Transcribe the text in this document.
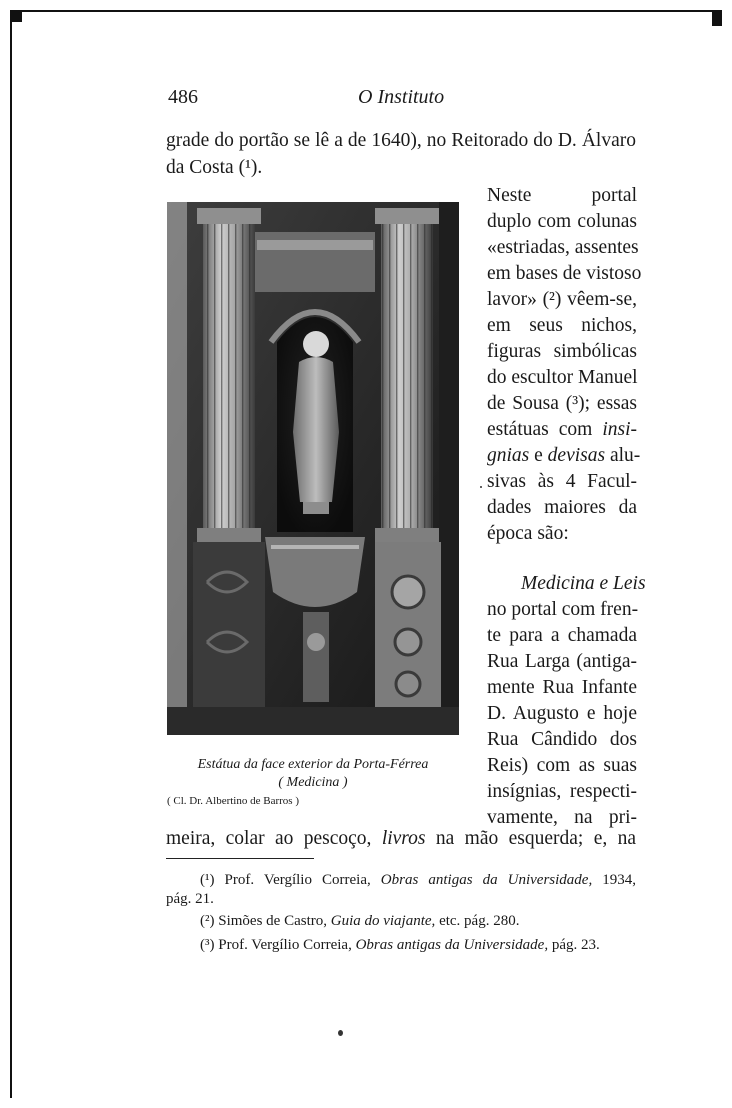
486	O Instituto
grade do portão se lê a de 1640), no Reitorado do D. Álvaro
da Costa (¹).
Neste portal
duplo com colunas
«estriadas, assentes
em bases de vistoso
lavor» (²) vêem-se,
em seus nichos,
figuras simbólicas
do escultor Manuel
de Sousa (³); essas
estátuas com insi-
gnias e devisas alu-
sivas às 4 Facul-
dades maiores da
época são:
Medicina e Leis
no portal com fren-
te para a chamada
Rua Larga (antiga-
mente Rua Infante
D. Augusto e hoje
Rua Cândido dos
Reis) com as suas
insígnias, respecti-
vamente, na pri-
meira, colar ao pescoço, livros na mão esquerda; e, na
Estátua da face exterior da Porta-Férrea
( Medicina )
( Cl. Dr. Albertino de Barros )
(¹) Prof. Vergílio Correia, Obras antigas da Universidade, 1934,
pág. 21.
(²) Simões de Castro, Guia do viajante, etc. pág. 280.
(³) Prof. Vergílio Correia, Obras antigas da Universidade, pág. 23.
